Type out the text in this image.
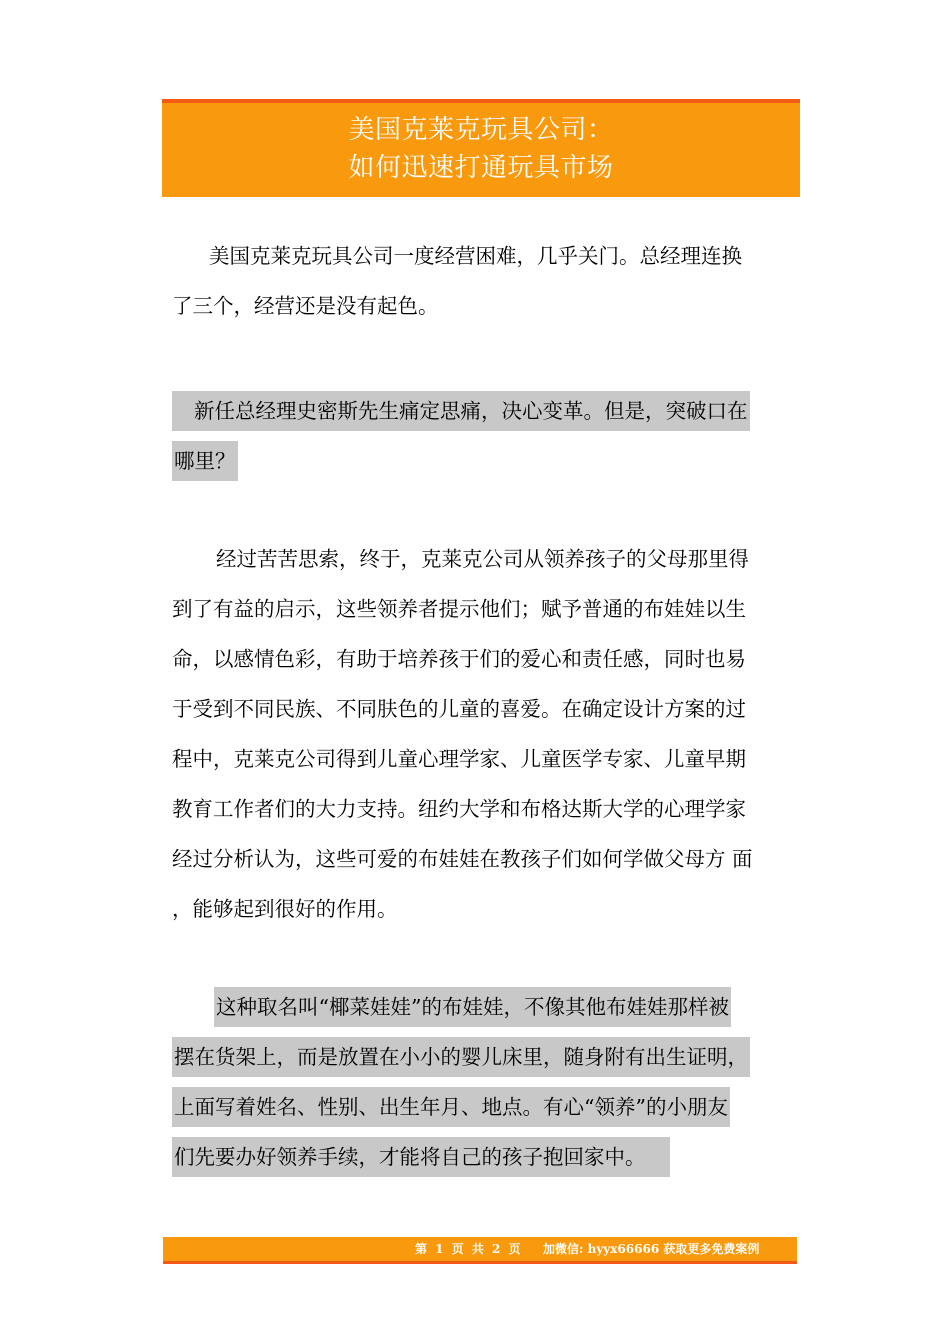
美国克莱克玩具公司：
如何迅速打通玩具市场
美国克莱克玩具公司一度经营困难，几乎关门。总经理连换
了三个，经营还是没有起色。
新任总经理史密斯先生痛定思痛，决心变革。但是，突破口在
哪里？
经过苦苦思索，终于，克莱克公司从领养孩子的父母那里得
到了有益的启示，这些领养者提示他们；赋予普通的布娃娃以生
命，以感情色彩，有助于培养孩于们的爱心和责任感，同时也易
于受到不同民族、不同肤色的儿童的喜爱。在确定设计方案的过
程中，克莱克公司得到儿童心理学家、儿童医学专家、儿童早期
教育工作者们的大力支持。纽约大学和布格达斯大学的心理学家
经过分析认为，这些可爱的布娃娃在教孩子们如何学做父母方 面
，能够起到很好的作用。
这种取名叫“椰菜娃娃”的布娃娃，不像其他布娃娃那样被
摆在货架上，而是放置在小小的婴儿床里，随身附有出生证明，
上面写着姓名、性别、出生年月、地点。有心“领养”的小朋友
们先要办好领养手续，才能将自己的孩子抱回家中。
第 1 页 共 2 页 加微信: hyyx66666 获取更多免费案例
